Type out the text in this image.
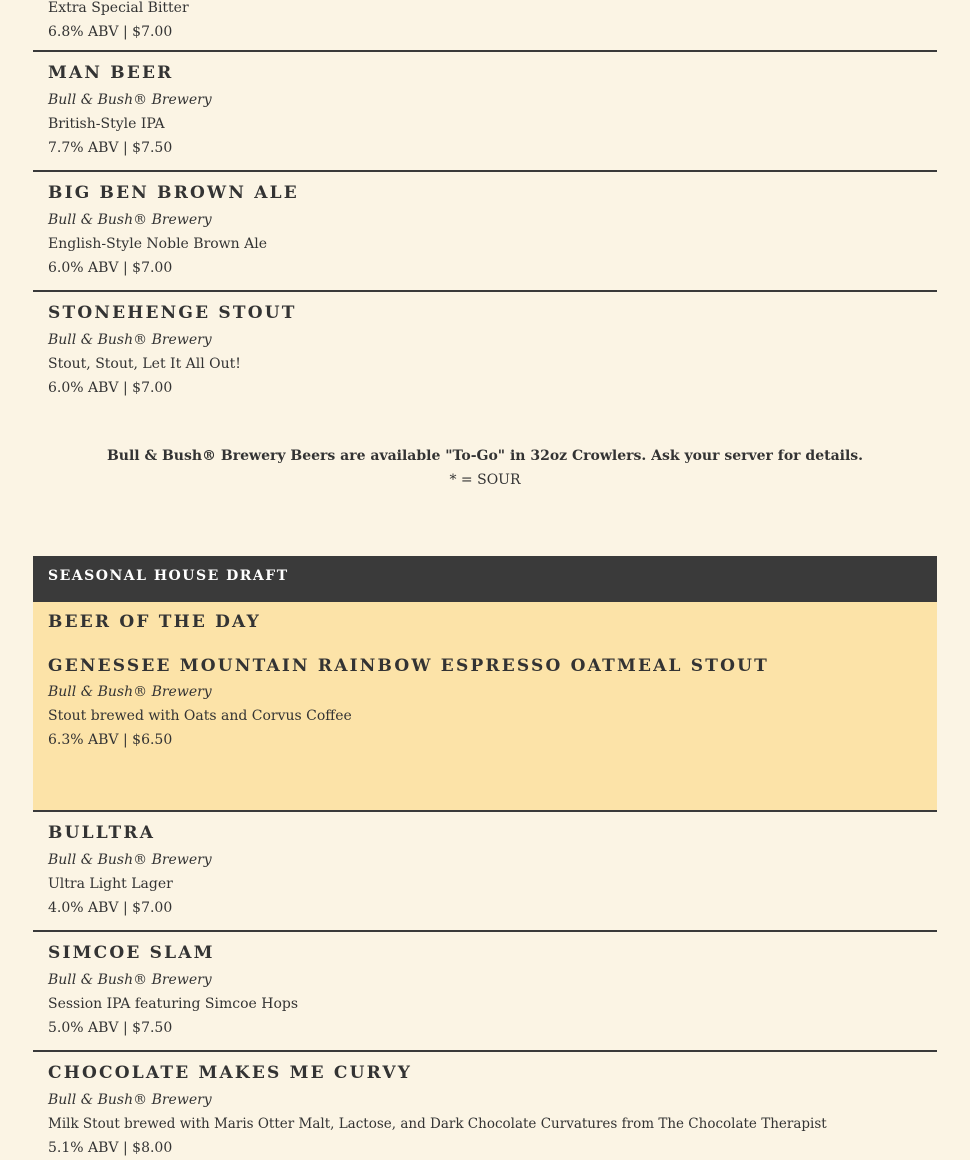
Extra Special Bitter
6.8% ABV | $7.00
MAN BEER
Bull & Bush® Brewery
British-Style IPA
7.7% ABV | $7.50
BIG BEN BROWN ALE
Bull & Bush® Brewery
English-Style Noble Brown Ale
6.0% ABV | $7.00
STONEHENGE STOUT
Bull & Bush® Brewery
Stout, Stout, Let It All Out!
6.0% ABV | $7.00
Bull & Bush® Brewery Beers are available "To-Go" in 32oz Crowlers. Ask your server for details.
* = SOUR
SEASONAL HOUSE DRAFT
BEER OF THE DAY
GENESSEE MOUNTAIN RAINBOW ESPRESSO OATMEAL STOUT
Bull & Bush® Brewery
Stout brewed with Oats and Corvus Coffee
6.3% ABV | $6.50
BULLTRA
Bull & Bush® Brewery
Ultra Light Lager
4.0% ABV | $7.00
SIMCOE SLAM
Bull & Bush® Brewery
Session IPA featuring Simcoe Hops
5.0% ABV | $7.50
CHOCOLATE MAKES ME CURVY
Bull & Bush® Brewery
Milk Stout brewed with Maris Otter Malt, Lactose, and Dark Chocolate Curvatures from The Chocolate Therapist
5.1% ABV | $8.00
